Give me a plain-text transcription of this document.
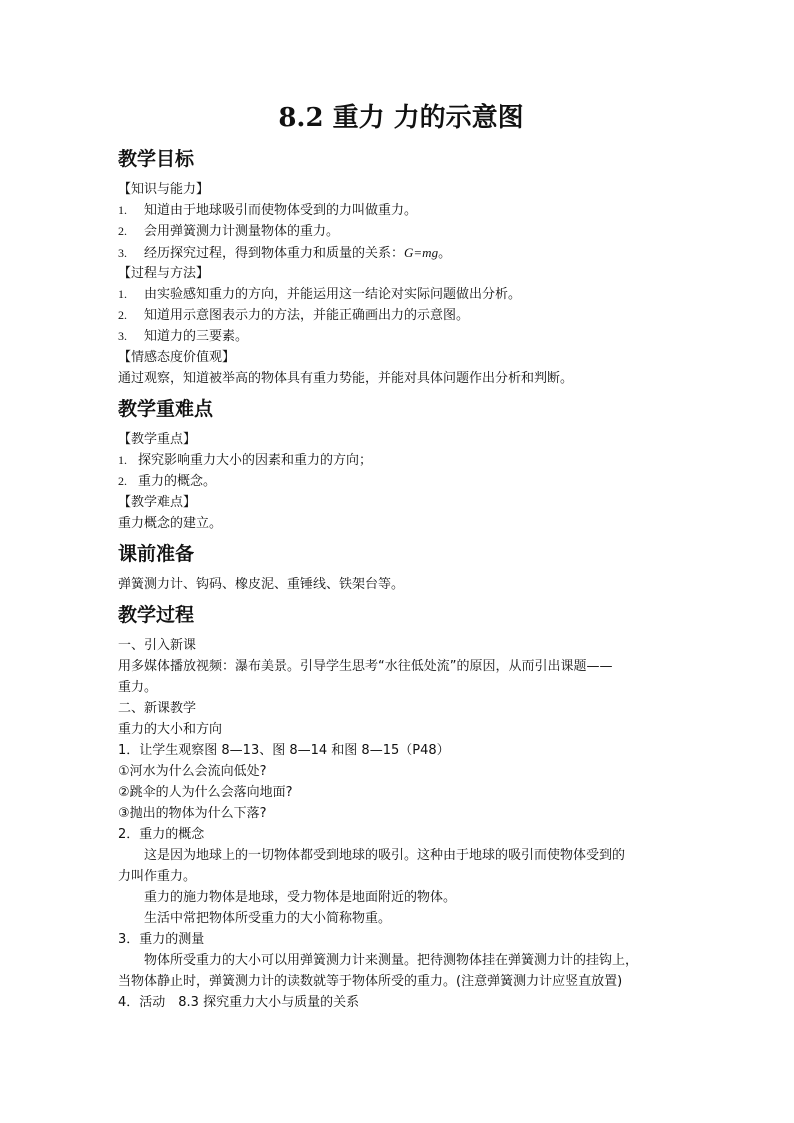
8.2 重力 力的示意图
教学目标
【知识与能力】
1. 知道由于地球吸引而使物体受到的力叫做重力。
2. 会用弹簧测力计测量物体的重力。
3. 经历探究过程，得到物体重力和质量的关系：G=mg。
【过程与方法】
1. 由实验感知重力的方向，并能运用这一结论对实际问题做出分析。
2. 知道用示意图表示力的方法，并能正确画出力的示意图。
3. 知道力的三要素。
【情感态度价值观】
通过观察，知道被举高的物体具有重力势能，并能对具体问题作出分析和判断。
教学重难点
【教学重点】
1. 探究影响重力大小的因素和重力的方向；
2. 重力的概念。
【教学难点】
重力概念的建立。
课前准备
弹簧测力计、钩码、橡皮泥、重锤线、铁架台等。
教学过程
一、引入新课
用多媒体播放视频：瀑布美景。引导学生思考“水往低处流”的原因，从而引出课题——
重力。
二、新课教学
重力的大小和方向
1．让学生观察图 8—13、图 8—14 和图 8—15（P48）
①河水为什么会流向低处?
②跳伞的人为什么会落向地面?
③抛出的物体为什么下落?
2．重力的概念
这是因为地球上的一切物体都受到地球的吸引。这种由于地球的吸引而使物体受到的
力叫作重力。
重力的施力物体是地球，受力物体是地面附近的物体。
生活中常把物体所受重力的大小简称物重。
3．重力的测量
物体所受重力的大小可以用弹簧测力计来测量。把待测物体挂在弹簧测力计的挂钩上，
当物体静止时，弹簧测力计的读数就等于物体所受的重力。(注意弹簧测力计应竖直放置)
4．活动　8.3 探究重力大小与质量的关系
